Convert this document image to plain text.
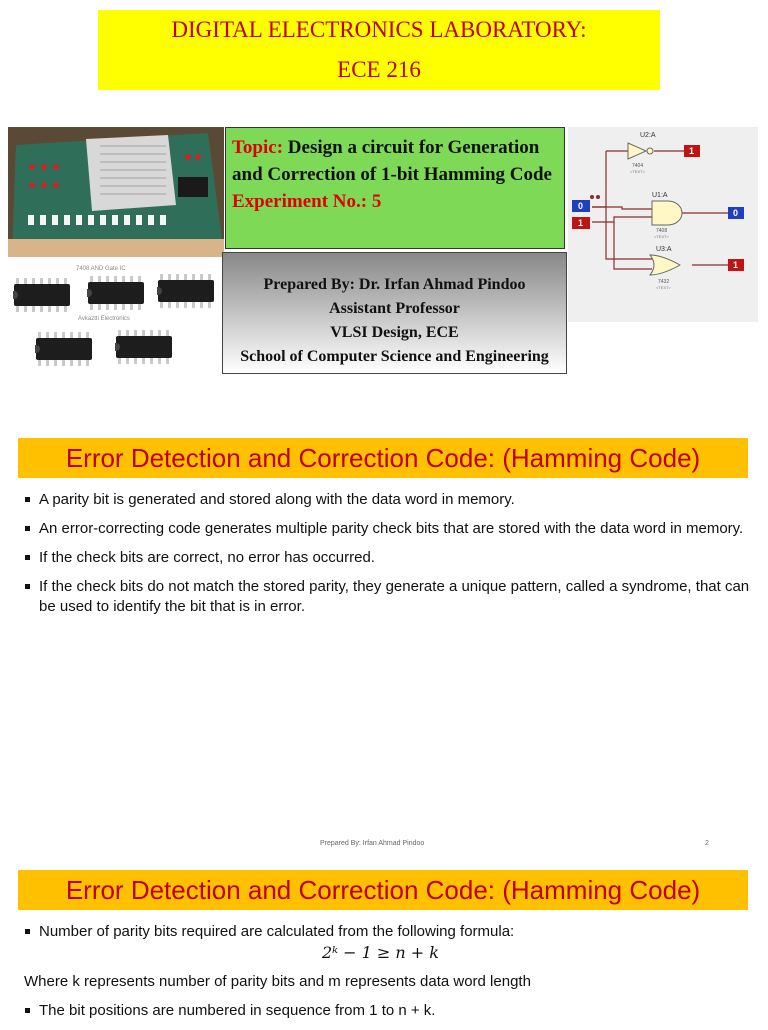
DIGITAL ELECTRONICS LABORATORY:
ECE 216
7408 AND Gate IC
Avkaztti Electronics
Topic: Design a circuit for Generation and Correction of 1-bit Hamming Code
Experiment No.: 5
Prepared By: Dr. Irfan Ahmad Pindoo
Assistant Professor
VLSI Design, ECE
School of Computer Science and Engineering
U2:A
7404
<TEXT>
U1:A
7408
<TEXT>
U3:A
7432
<TEXT>
0
1
1
0
1
Error Detection and Correction Code: (Hamming Code)
A parity bit is generated and stored along with the data word in memory.
An error-correcting code generates multiple parity check bits that are stored with the data word in memory.
If the check bits are correct, no error has occurred.
If the check bits do not match the stored parity, they generate a unique pattern, called a syndrome, that can be used to identify the bit that is in error.
Prepared By: Irfan Ahmad Pindoo	2
Error Detection and Correction Code: (Hamming Code)
Number of parity bits required are calculated from the following formula:
2ᵏ − 1 ≥ n + k
Where k represents number of parity bits and m represents data word length
The bit positions are numbered in sequence from 1 to n + k.
